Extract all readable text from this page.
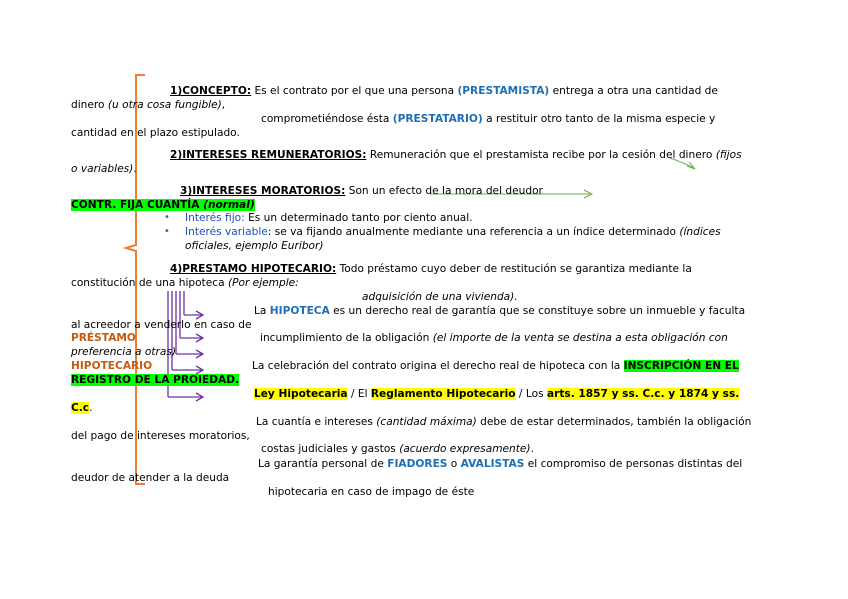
1)CONCEPTO: Es el contrato por el que una persona (PRESTAMISTA) entrega a otra una cantidad de
dinero (u otra cosa fungible),
comprometiéndose ésta (PRESTATARIO) a restituir otro tanto de la misma especie y
cantidad en el plazo estipulado.
2)INTERESES REMUNERATORIOS: Remuneración que el prestamista recibe por la cesión del dinero (fijos
o variables).
3)INTERESES MORATORIOS: Son un efecto de la mora del deudor
CONTR. FIJA CUANTÍA (normal)
• Interés fijo: Es un determinado tanto por ciento anual.
• Interés variable: se va fijando anualmente mediante una referencia a un índice determinado (índices
oficiales, ejemplo Euribor)
4)PRESTAMO HIPOTECARIO: Todo préstamo cuyo deber de restitución se garantiza mediante la
constitución de una hipoteca (Por ejemple:
adquisición de una vivienda).
La HIPOTECA es un derecho real de garantía que se constituye sobre un inmueble y faculta
al acreedor a venderlo en caso de
PRÉSTAMO	incumplimiento de la obligación (el importe de la venta se destina a esta obligación con
preferencia a otras)
HIPOTECARIO	La celebración del contrato origina el derecho real de hipoteca con la INSCRIPCIÓN EN EL
REGISTRO DE LA PROIEDAD.
Ley Hipotecaria / El Reglamento Hipotecario / Los arts. 1857 y ss. C.c. y 1874 y ss.
C.c.
La cuantía e intereses (cantidad máxima) debe de estar determinados, también la obligación
del pago de intereses moratorios,
costas judiciales y gastos (acuerdo expresamente).
La garantía personal de FIADORES o AVALISTAS el compromiso de personas distintas del
deudor de atender a la deuda
hipotecaria en caso de impago de éste
